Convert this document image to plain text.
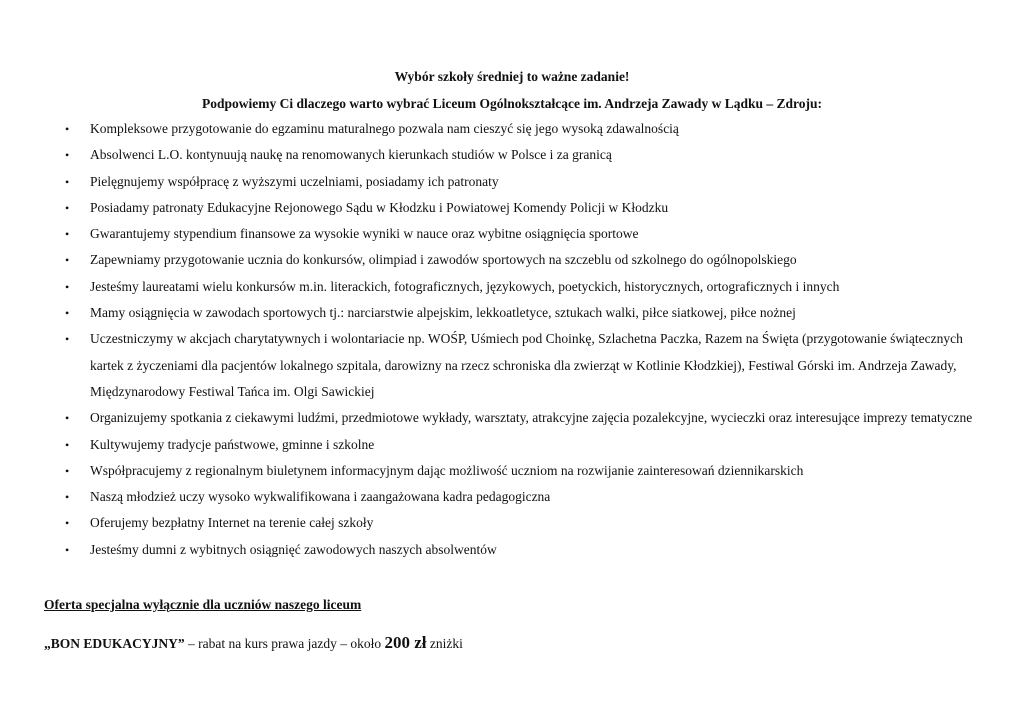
Wybór szkoły średniej to ważne zadanie!

Podpowiemy Ci dlaczego warto wybrać Liceum Ogólnokształcące im. Andrzeja Zawady w Lądku – Zdroju:

• Kompleksowe przygotowanie do egzaminu maturalnego pozwala nam cieszyć się jego wysoką zdawalnością
• Absolwenci L.O. kontynuują naukę na renomowanych kierunkach studiów w Polsce i za granicą
• Pielęgnujemy współpracę z wyższymi uczelniami, posiadamy ich patronaty
• Posiadamy patronaty Edukacyjne Rejonowego Sądu w Kłodzku i Powiatowej Komendy Policji w Kłodzku
• Gwarantujemy stypendium finansowe za wysokie wyniki w nauce oraz wybitne osiągnięcia sportowe
• Zapewniamy przygotowanie ucznia do konkursów, olimpiad i zawodów sportowych na szczeblu od szkolnego do ogólnopolskiego
• Jesteśmy laureatami wielu konkursów m.in. literackich, fotograficznych, językowych, poetyckich, historycznych, ortograficznych i innych
• Mamy osiągnięcia w zawodach sportowych tj.: narciarstwie alpejskim, lekkoatletyce, sztukach walki, piłce siatkowej, piłce nożnej
• Uczestniczymy w akcjach charytatywnych i wolontariacie np. WOŚP, Uśmiech pod Choinkę, Szlachetna Paczka, Razem na Święta (przygotowanie świątecznych kartek z życzeniami dla pacjentów lokalnego szpitala, darowizny na rzecz schroniska dla zwierząt w Kotlinie Kłodzkiej), Festiwal Górski im. Andrzeja Zawady, Międzynarodowy Festiwal Tańca im. Olgi Sawickiej
• Organizujemy spotkania z ciekawymi ludźmi, przedmiotowe wykłady, warsztaty, atrakcyjne zajęcia pozalekcyjne, wycieczki oraz interesujące imprezy tematyczne
• Kultywujemy tradycje państwowe, gminne i szkolne
• Współpracujemy z regionalnym biuletynem informacyjnym dając możliwość uczniom na rozwijanie zainteresowań dziennikarskich
• Naszą młodzież uczy wysoko wykwalifikowana i zaangażowana kadra pedagogiczna
• Oferujemy bezpłatny Internet na terenie całej szkoły
• Jesteśmy dumni z wybitnych osiągnięć zawodowych naszych absolwentów

Oferta specjalna wyłącznie dla uczniów naszego liceum

„BON EDUKACYJNY” – rabat na kurs prawa jazdy – około 200 zł zniżki
